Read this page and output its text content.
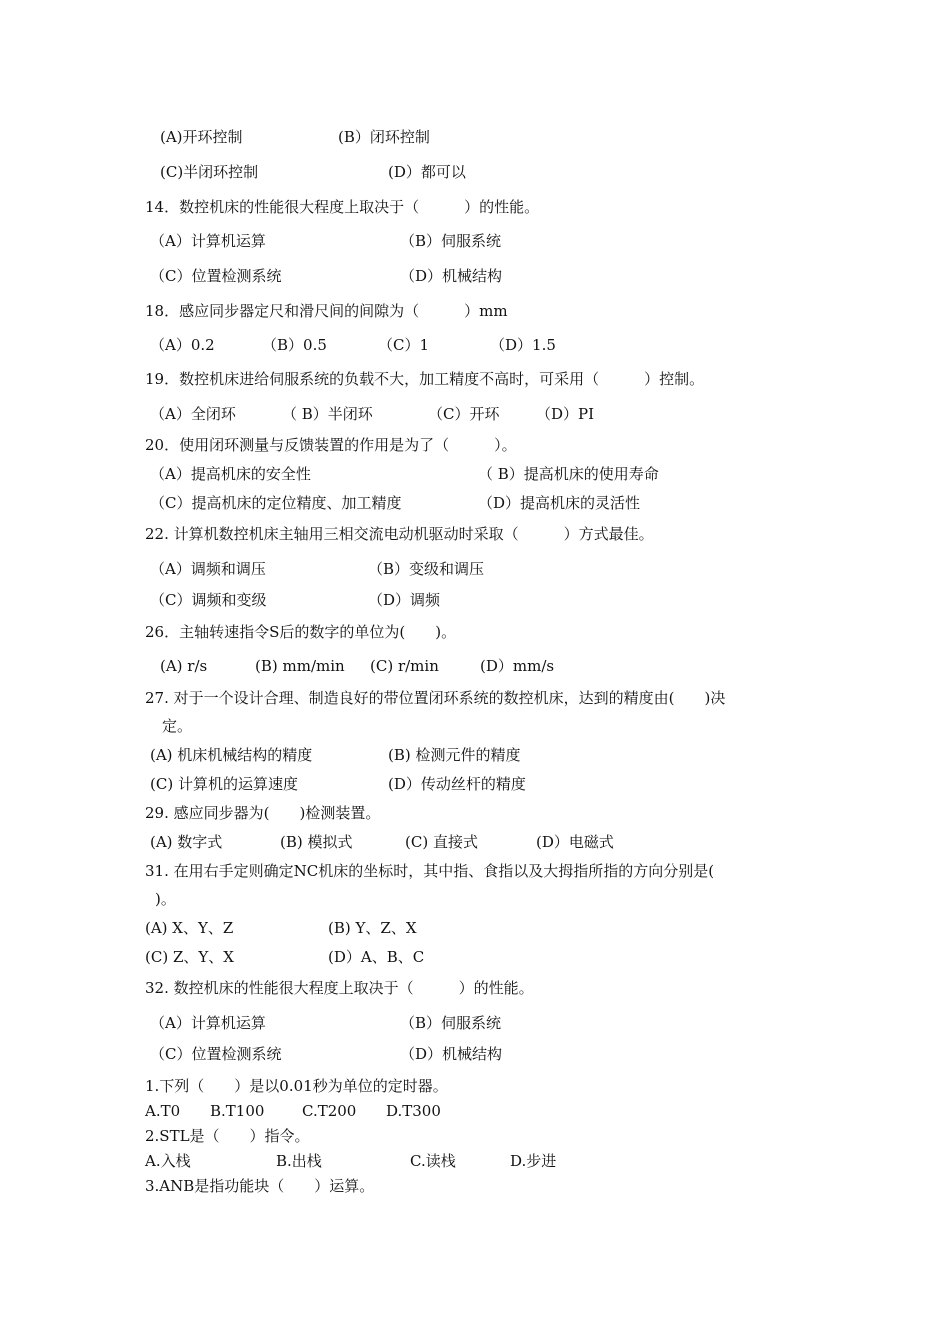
(A)开环控制	(B）闭环控制
(C)半闭环控制	(D）都可以
14．数控机床的性能很大程度上取决于（　　　）的性能。
（A）计算机运算	（B）伺服系统
（C）位置检测系统	（D）机械结构
18．感应同步器定尺和滑尺间的间隙为（　　　）mm
（A）0.2	（B）0.5	（C）1	（D）1.5
19．数控机床进给伺服系统的负载不大，加工精度不高时，可采用（　　　）控制。
（A）全闭环	（ B）半闭环	（C）开环 （D）PI
20．使用闭环测量与反馈装置的作用是为了（　　　）。
（A）提高机床的安全性	（ B）提高机床的使用寿命
（C）提高机床的定位精度、加工精度	（D）提高机床的灵活性
22. 计算机数控机床主轴用三相交流电动机驱动时采取（　　　）方式最佳。
（A）调频和调压	（B）变级和调压
（C）调频和变级	（D）调频
26．主轴转速指令S后的数字的单位为(　　)。
(A) r/s	(B) mm/min (C) r/min	(D）mm/s
27. 对于一个设计合理、制造良好的带位置闭环系统的数控机床，达到的精度由(　　)决
定。
(A) 机床机械结构的精度	(B) 检测元件的精度
(C) 计算机的运算速度	(D）传动丝杆的精度
29. 感应同步器为(　　)检测装置。
(A) 数字式	(B) 模拟式	(C) 直接式	(D）电磁式
31. 在用右手定则确定NC机床的坐标时，其中指、食指以及大拇指所指的方向分别是(
)。
(A) X、Y、Z	(B) Y、Z、X
(C) Z、Y、X	(D）A、B、C
32. 数控机床的性能很大程度上取决于（　　　）的性能。
（A）计算机运算	（B）伺服系统
（C）位置检测系统	（D）机械结构
1.下列（　　）是以0.01秒为单位的定时器。
A.T0 B.T100	C.T200 D.T300
2.STL是（　　）指令。
A.入栈	B.出栈	C.读栈	D.步进
3.ANB是指功能块（　　）运算。
